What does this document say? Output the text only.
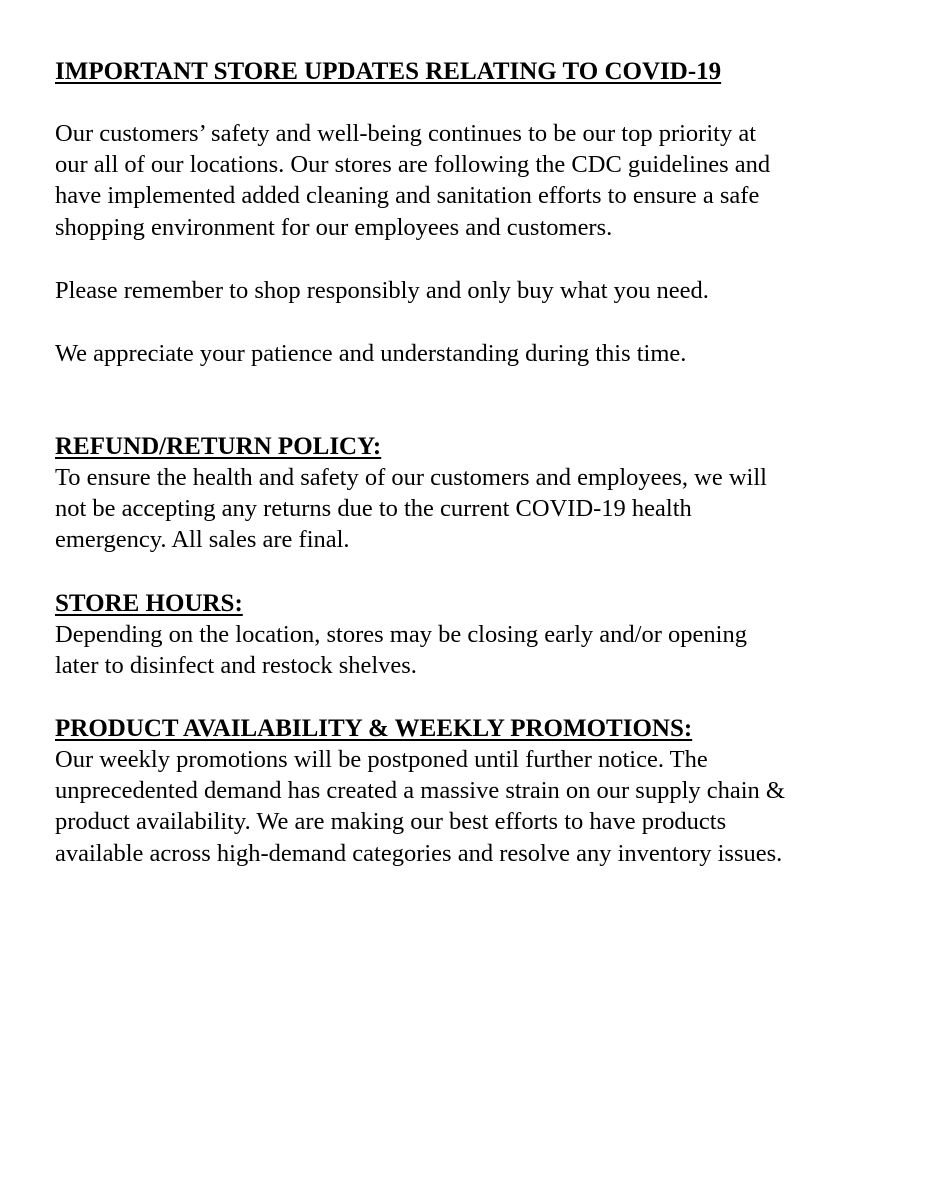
IMPORTANT STORE UPDATES RELATING TO COVID-19

Our customers’ safety and well-being continues to be our top priority at
our all of our locations. Our stores are following the CDC guidelines and
have implemented added cleaning and sanitation efforts to ensure a safe
shopping environment for our employees and customers.

Please remember to shop responsibly and only buy what you need.

We appreciate your patience and understanding during this time.

REFUND/RETURN POLICY:

To ensure the health and safety of our customers and employees, we will
not be accepting any returns due to the current COVID-19 health
emergency. All sales are final.

STORE HOURS:

Depending on the location, stores may be closing early and/or opening
later to disinfect and restock shelves.

PRODUCT AVAILABILITY & WEEKLY PROMOTIONS:

Our weekly promotions will be postponed until further notice. The
unprecedented demand has created a massive strain on our supply chain &
product availability. We are making our best efforts to have products
available across high-demand categories and resolve any inventory issues.
